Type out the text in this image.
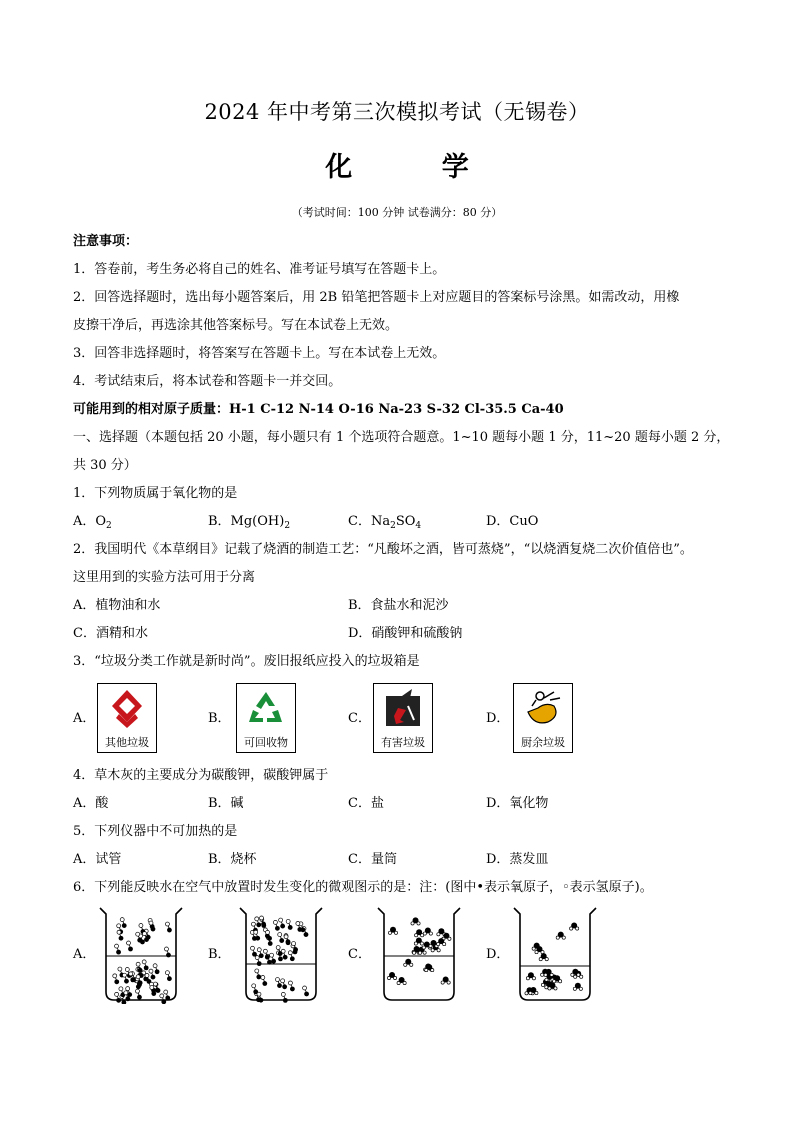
2024 年中考第三次模拟考试（无锡卷）
化 学
（考试时间：100 分钟 试卷满分：80 分）
注意事项：
1．答卷前，考生务必将自己的姓名、准考证号填写在答题卡上。
2．回答选择题时，选出每小题答案后，用 2B 铅笔把答题卡上对应题目的答案标号涂黑。如需改动，用橡
皮擦干净后，再选涂其他答案标号。写在本试卷上无效。
3．回答非选择题时，将答案写在答题卡上。写在本试卷上无效。
4．考试结束后，将本试卷和答题卡一并交回。
可能用到的相对原子质量：H-1 C-12 N-14 O-16 Na-23 S-32 Cl-35.5 Ca-40
一、选择题（本题包括 20 小题，每小题只有 1 个选项符合题意。1~10 题每小题 1 分，11~20 题每小题 2 分，
共 30 分）
1．下列物质属于氧化物的是
A．$O_2$	B．$Mg(OH)_2$	C．$Na_2SO_4$	D．CuO
2．我国明代《本草纲目》记载了烧酒的制造工艺：“凡酸坏之酒，皆可蒸烧”，“以烧酒复烧二次价值倍也”。
这里用到的实验方法可用于分离
A．植物油和水	B．食盐水和泥沙
C．酒精和水	D．硝酸钾和硫酸钠
3．“垃圾分类工作就是新时尚”。废旧报纸应投入的垃圾箱是
A．	B．	C．	D．
其他垃圾	可回收物	有害垃圾	厨余垃圾
4．草木灰的主要成分为碳酸钾，碳酸钾属于
A．酸	B．碱	C．盐	D．氧化物
5．下列仪器中不可加热的是
A．试管	B．烧杯	C．量筒	D．蒸发皿
6．下列能反映水在空气中放置时发生变化的微观图示的是：注：(图中•表示氧原子，◦表示氢原子)。
A．	B．	C．	D．
